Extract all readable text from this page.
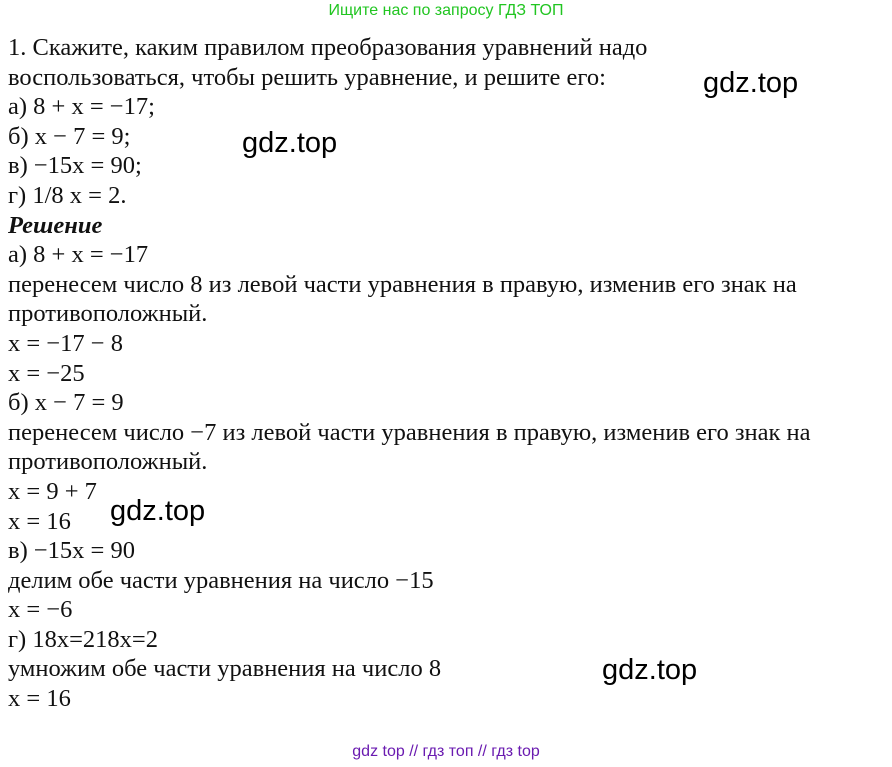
Ищите нас по запросу ГДЗ ТОП
1. Скажите, каким правилом преобразования уравнений надо
воспользоваться, чтобы решить уравнение, и решите его:
а) 8 + x = −17;
б) x − 7 = 9;
в) −15x = 90;
г) 1/8 x = 2.
Решение
а) 8 + x = −17
перенесем число 8 из левой части уравнения в правую, изменив его знак на
противоположный.
x = −17 − 8
x = −25
б) x − 7 = 9
перенесем число −7 из левой части уравнения в правую, изменив его знак на
противоположный.
x = 9 + 7
x = 16
в) −15x = 90
делим обе части уравнения на число −15
x = −6
г) 18x=218x=2
умножим обе части уравнения на число 8
x = 16
gdz.top
gdz.top
gdz.top
gdz.top
gdz top // гдз топ // гдз top
